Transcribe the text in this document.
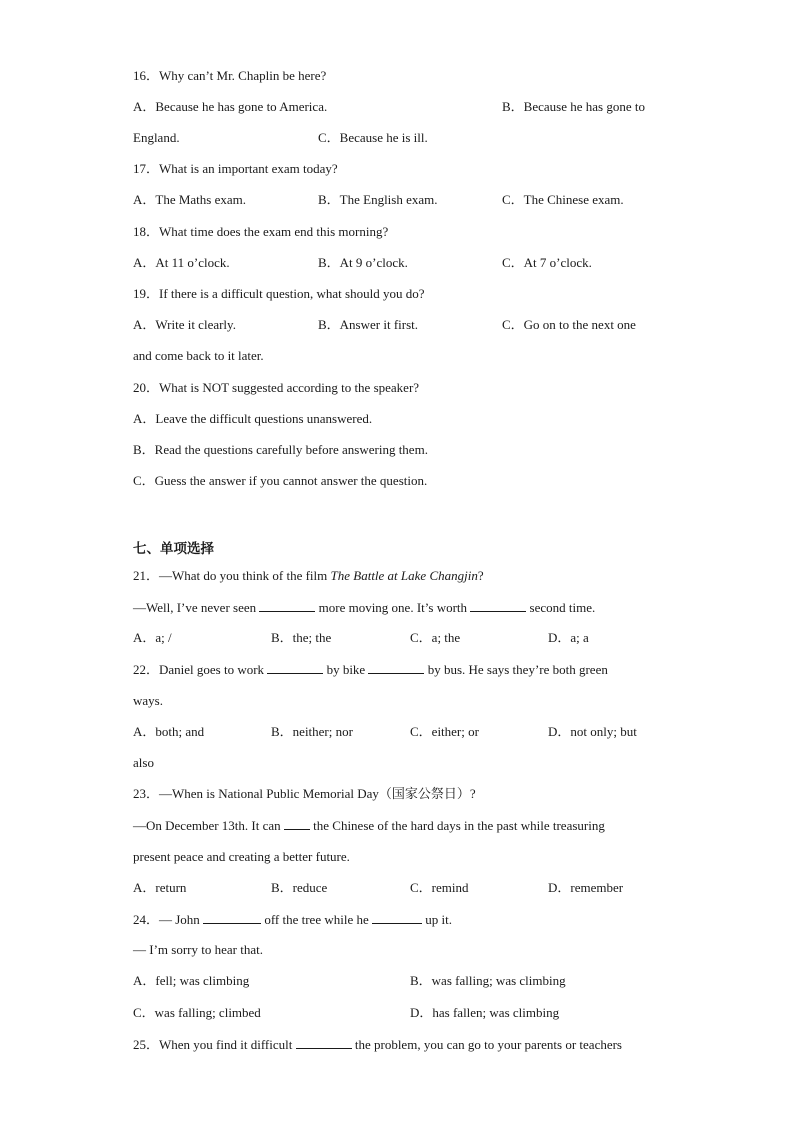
16．Why can’t Mr. Chaplin be here?
A．Because he has gone to America.	B．Because he has gone to
England.	C．Because he is ill.
17．What is an important exam today?
A．The Maths exam.	B．The English exam.	C．The Chinese exam.
18．What time does the exam end this morning?
A．At 11 o’clock.	B．At 9 o’clock.	C．At 7 o’clock.
19．If there is a difficult question, what should you do?
A．Write it clearly.	B．Answer it first.	C．Go on to the next one
and come back to it later.
20．What is NOT suggested according to the speaker?
A．Leave the difficult questions unanswered.
B．Read the questions carefully before answering them.
C．Guess the answer if you cannot answer the question.
七、单项选择
21．—What do you think of the film The Battle at Lake Changjin?
—Well, I’ve never seen	more moving one. It’s worth	second time.
A．a; /	B．the; the	C．a; the	D．a; a
22．Daniel goes to work	by bike	by bus. He says they’re both green
ways.
A．both; and	B．neither; nor	C．either; or	D．not only; but
also
23．—When is National Public Memorial Day（国家公祭日）?
—On December 13th. It can  the Chinese of the hard days in the past while treasuring
present peace and creating a better future.
A．return	B．reduce	C．remind	D．remember
24．— John	off the tree while he	up it.
— I’m sorry to hear that.
A．fell; was climbing	B．was falling; was climbing
C．was falling; climbed	D．has fallen; was climbing
25．When you find it difficult	the problem, you can go to your parents or teachers
